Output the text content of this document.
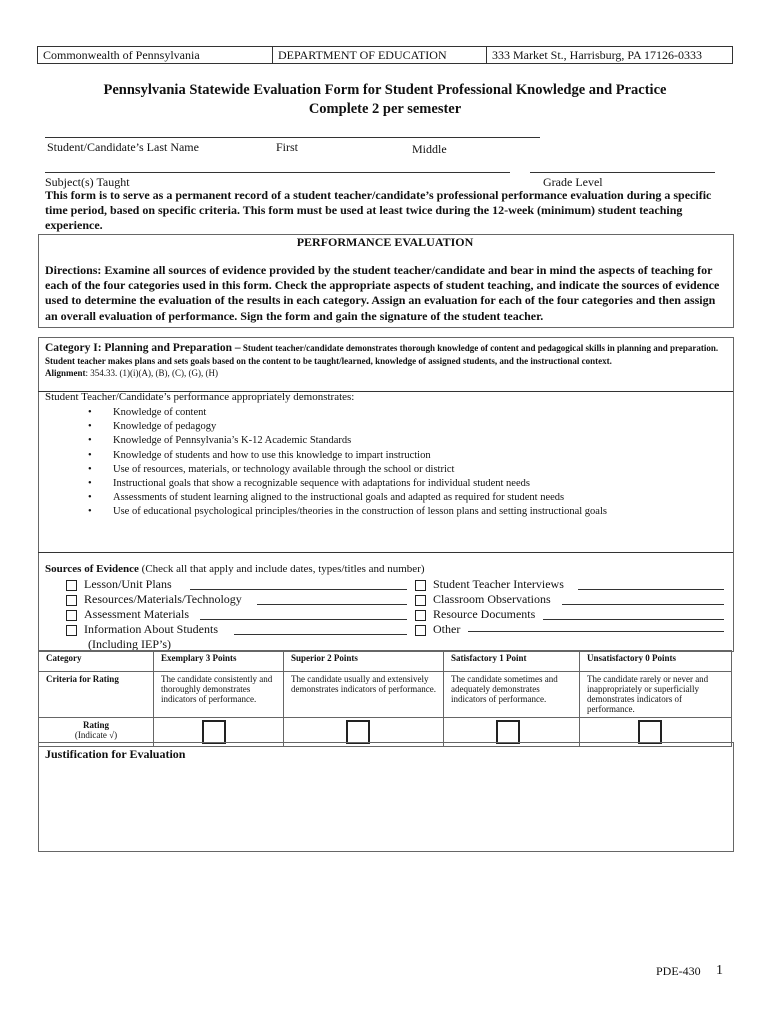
Commonwealth of Pennsylvania	DEPARTMENT OF EDUCATION	333 Market St., Harrisburg, PA 17126-0333
Pennsylvania Statewide Evaluation Form for Student Professional Knowledge and Practice
Complete 2 per semester
Student/Candidate’s Last Name	First	Middle
Subject(s) Taught	Grade Level
This form is to serve as a permanent record of a student teacher/candidate’s professional performance evaluation during a specific time period, based on specific criteria. This form must be used at least twice during the 12-week (minimum) student teaching experience.
PERFORMANCE EVALUATION
Directions: Examine all sources of evidence provided by the student teacher/candidate and bear in mind the aspects of teaching for each of the four categories used in this form. Check the appropriate aspects of student teaching, and indicate the sources of evidence used to determine the evaluation of the results in each category. Assign an evaluation for each of the four categories and then assign an overall evaluation of performance. Sign the form and gain the signature of the student teacher.
Category I: Planning and Preparation – Student teacher/candidate demonstrates thorough knowledge of content and pedagogical skills in planning and preparation. Student teacher makes plans and sets goals based on the content to be taught/learned, knowledge of assigned students, and the instructional context.
Alignment: 354.33. (1)(i)(A), (B), (C), (G), (H)
Student Teacher/Candidate’s performance appropriately demonstrates:
• Knowledge of content
• Knowledge of pedagogy
• Knowledge of Pennsylvania’s K-12 Academic Standards
• Knowledge of students and how to use this knowledge to impart instruction
• Use of resources, materials, or technology available through the school or district
• Instructional goals that show a recognizable sequence with adaptations for individual student needs
• Assessments of student learning aligned to the instructional goals and adapted as required for student needs
• Use of educational psychological principles/theories in the construction of lesson plans and setting instructional goals
Sources of Evidence (Check all that apply and include dates, types/titles and number)
Lesson/Unit Plans
Resources/Materials/Technology
Assessment Materials
Information About Students
(Including IEP’s)
Student Teacher Interviews
Classroom Observations
Resource Documents
Other
Category	Exemplary 3 Points	Superior 2 Points	Satisfactory 1 Point	Unsatisfactory 0 Points
Criteria for Rating	The candidate consistently and thoroughly demonstrates indicators of performance.	The candidate usually and extensively demonstrates indicators of performance.	The candidate sometimes and adequately demonstrates indicators of performance.	The candidate rarely or never and inappropriately or superficially demonstrates indicators of performance.

Rating
(Indicate √)				

Justification for Evaluation
PDE-430 1
